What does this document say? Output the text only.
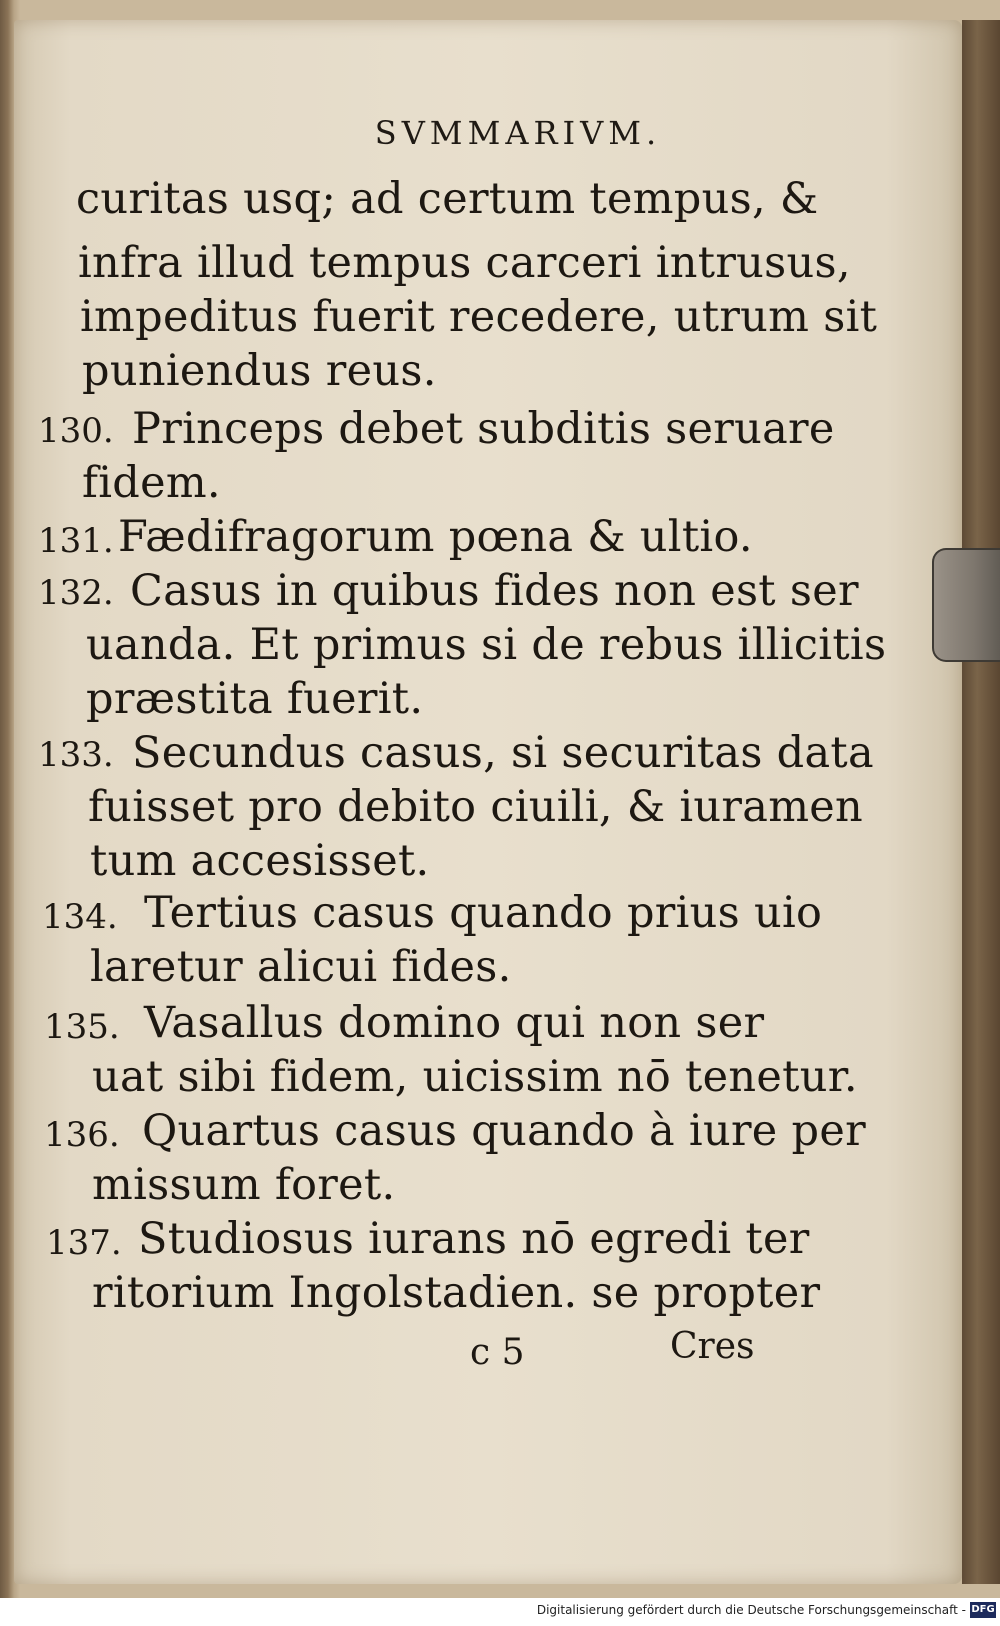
SVMMARIVM.
curitas usq; ad certum tempus, &
infra illud tempus carceri intrusus,
impeditus fuerit recedere, utrum sit
puniendus reus.
130. Princeps debet subditis seruare
fidem.
131. Fædifragorum pœna & ultio.
132. Casus in quibus fides non est ser
uanda. Et primus si de rebus illicitis
præstita fuerit.
133. Secundus casus, si securitas data
fuisset pro debito ciuili, & iuramen
tum accesisset.
134. Tertius casus quando prius uio
laretur alicui fides.
135. Vasallus domino qui non ser
uat sibi fidem, uicissim nō tenetur.
136. Quartus casus quando à iure per
missum foret.
137. Studiosus iurans nō egredi ter
ritorium Ingolstadien. se propter
c 5	Cres
Digitalisierung gefördert durch die Deutsche Forschungsgemeinschaft - DFG
